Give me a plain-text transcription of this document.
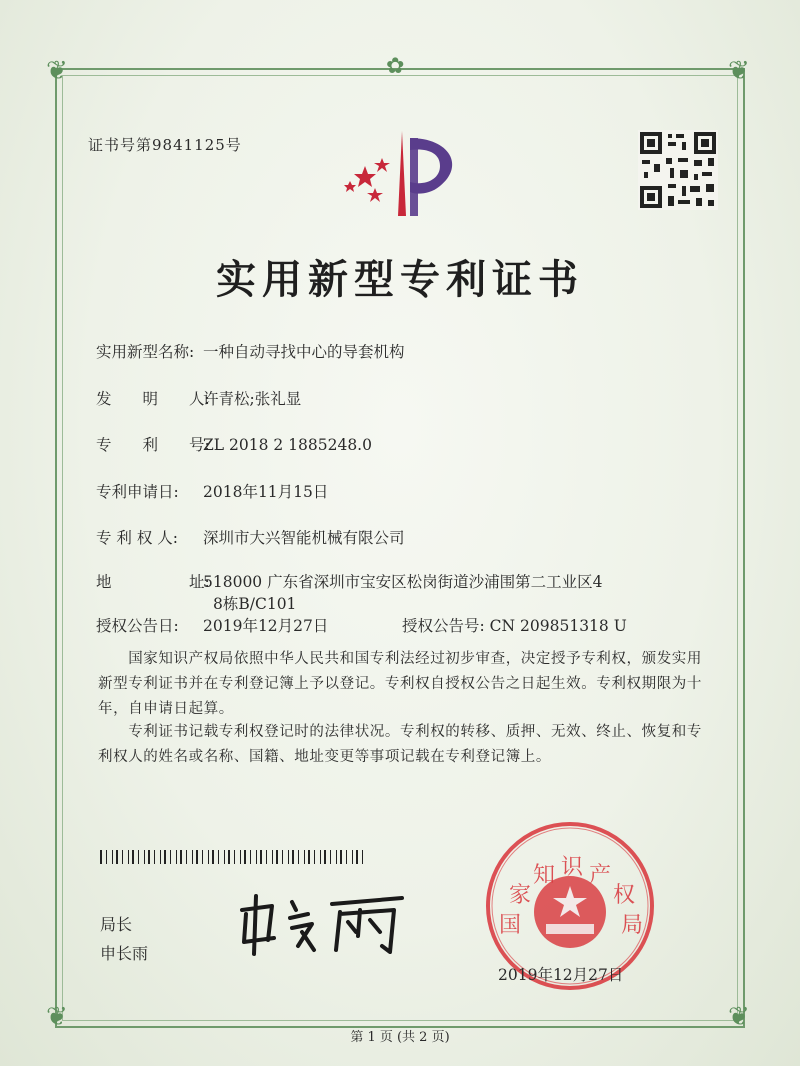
❦	❦
❦	❦
✿
证书号第9841125号
实用新型专利证书
实用新型名称: 一种自动寻找中心的导套机构
发　　明　　人:许青松;张礼显
专　　利　　号:ZL 2018 2 1885248.0
专利申请日: 2018年11月15日
专 利 权 人: 深圳市大兴智能机械有限公司
地　　　　　址:518000 广东省深圳市宝安区松岗街道沙浦围第二工业区4
8栋B/C101
授权公告日: 2019年12月27日	授权公告号: CN 209851318 U
　　国家知识产权局依照中华人民共和国专利法经过初步审查，决定授予专利权，颁发实用新型专利证书并在专利登记簿上予以登记。专利权自授权公告之日起生效。专利权期限为十年，自申请日起算。
　　专利证书记载专利权登记时的法律状况。专利权的转移、质押、无效、终止、恢复和专利权人的姓名或名称、国籍、地址变更等事项记载在专利登记簿上。
局长
申长雨
国
家
知 识 产
权
局
2019年12月27日
第 1 页 (共 2 页)
